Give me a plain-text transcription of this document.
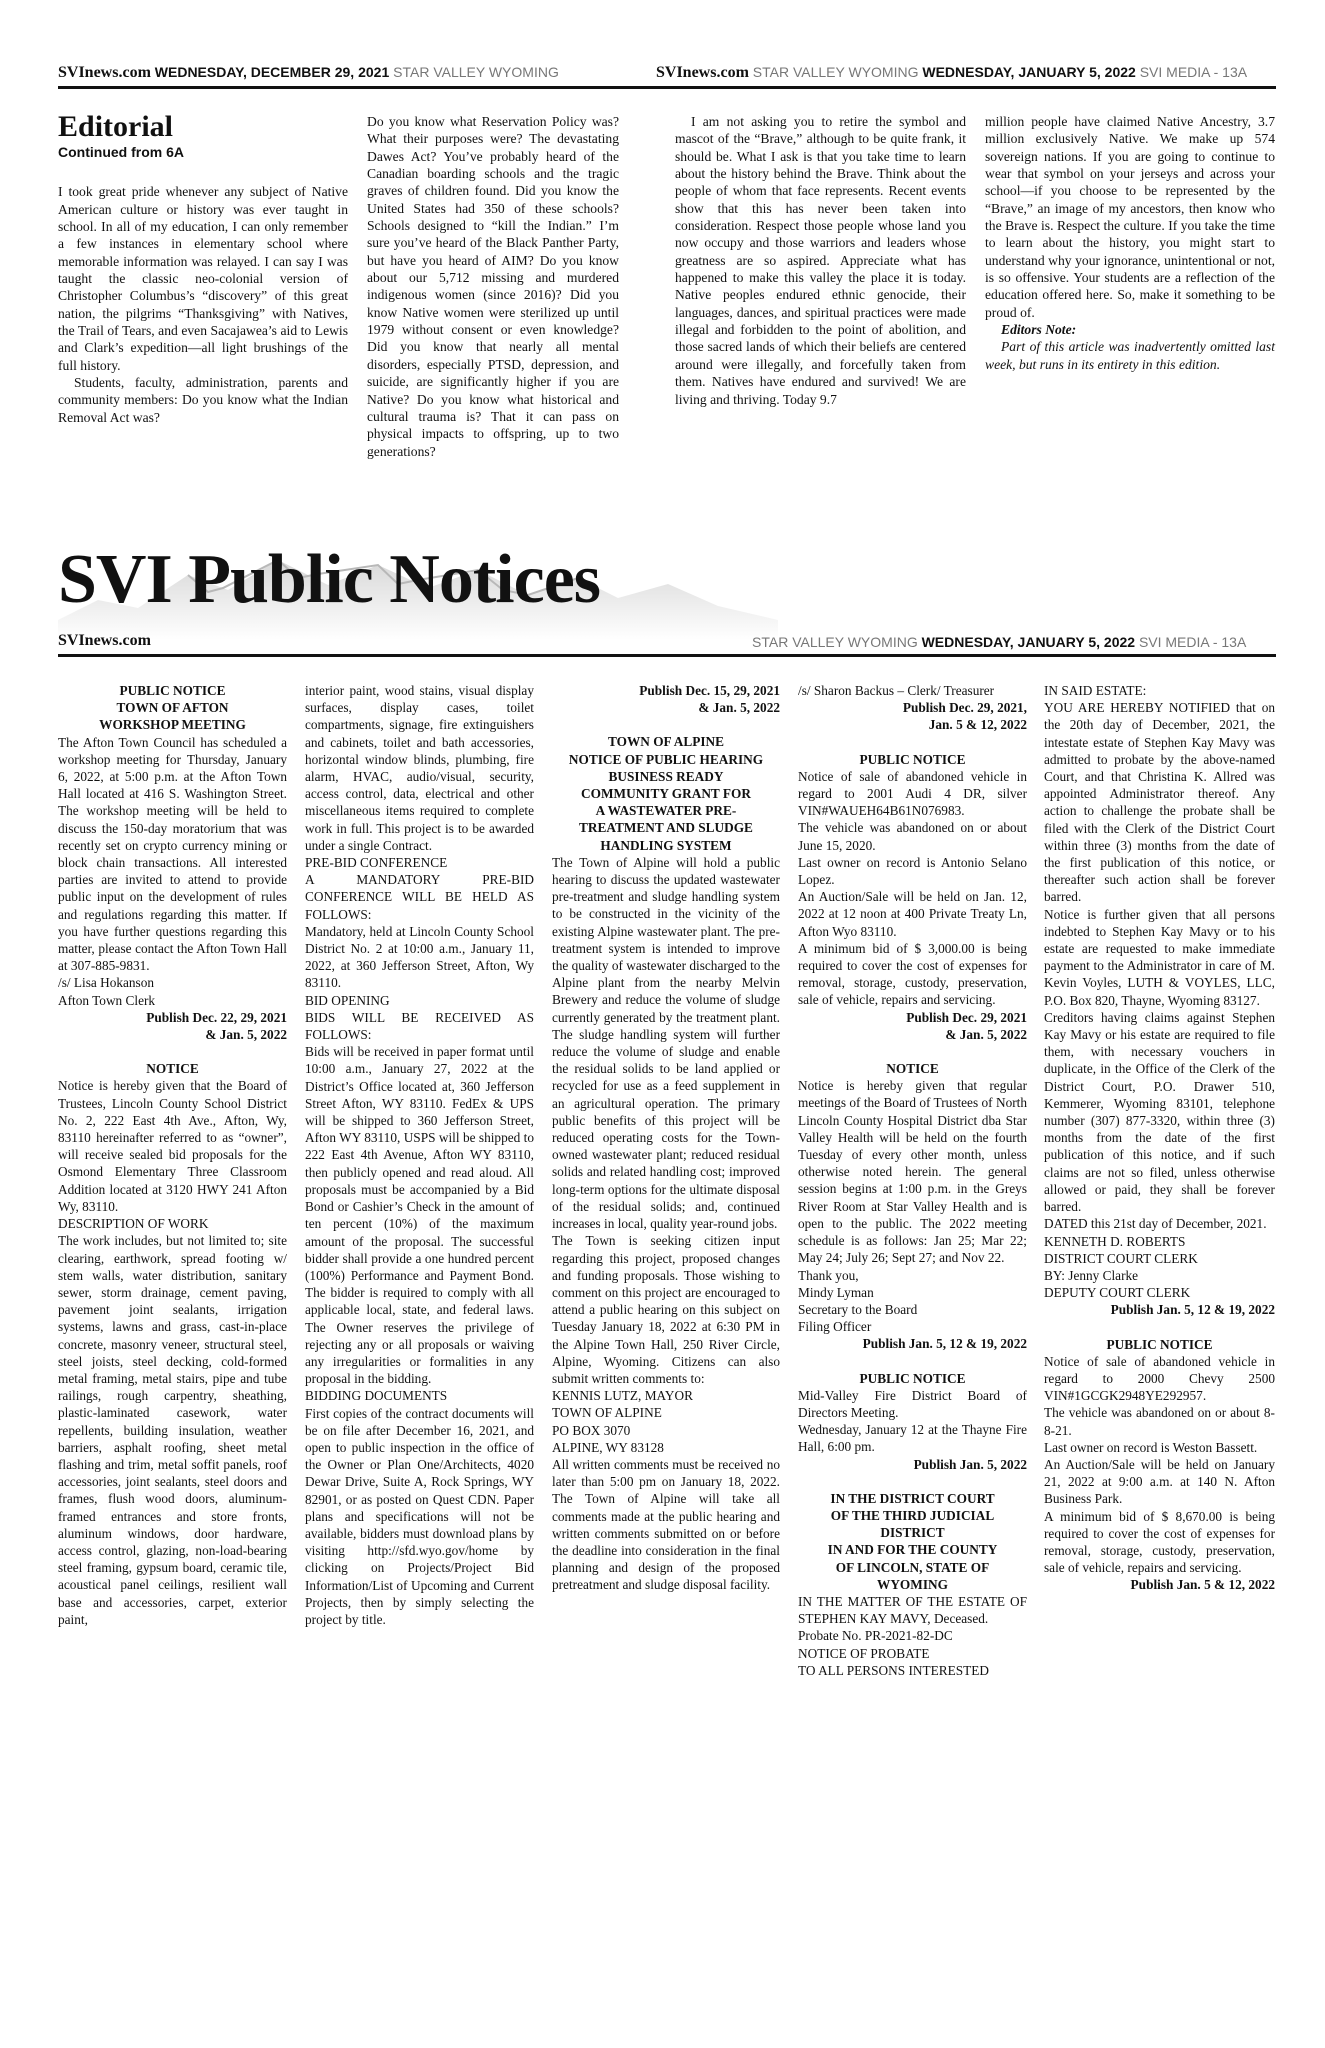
SVInews.com WEDNESDAY, DECEMBER 29, 2021 STAR VALLEY WYOMING	SVInews.com STAR VALLEY WYOMING WEDNESDAY, JANUARY 5, 2022 SVI MEDIA - 13A
Editorial
Continued from 6A

I took great pride whenever any subject of Native American culture or history was ever taught in school. In all of my education, I can only remember a few instances in elementary school where memorable information was relayed. I can say I was taught the classic neo-colonial version of Christopher Columbus’s “discovery” of this great nation, the pilgrims “Thanksgiving” with Natives, the Trail of Tears, and even Sacajawea’s aid to Lewis and Clark’s expedition—all light brushings of the full history.

Students, faculty, administration, parents and community members: Do you know what the Indian Removal Act was?

Do you know what Reservation Policy was? What their purposes were? The devastating Dawes Act? You’ve probably heard of the Canadian boarding schools and the tragic graves of children found. Did you know the United States had 350 of these schools? Schools designed to “kill the Indian.” I’m sure you’ve heard of the Black Panther Party, but have you heard of AIM? Do you know about our 5,712 missing and murdered indigenous women (since 2016)? Did you know Native women were sterilized up until 1979 without consent or even knowledge? Did you know that nearly all mental disorders, especially PTSD, depression, and suicide, are significantly higher if you are Native? Do you know what historical and cultural trauma is? That it can pass on physical impacts to offspring, up to two generations?

I am not asking you to retire the symbol and mascot of the “Brave,” although to be quite frank, it should be. What I ask is that you take time to learn about the history behind the Brave. Think about the people of whom that face represents. Recent events show that this has never been taken into consideration. Respect those people whose land you now occupy and those warriors and leaders whose greatness are so aspired. Appreciate what has happened to make this valley the place it is today. Native peoples endured ethnic genocide, their languages, dances, and spiritual practices were made illegal and forbidden to the point of abolition, and those sacred lands of which their beliefs are centered around were illegally, and forcefully taken from them. Natives have endured and survived! We are living and thriving. Today 9.7

million people have claimed Native Ancestry, 3.7 million exclusively Native. We make up 574 sovereign nations. If you are going to continue to wear that symbol on your jerseys and across your school—if you choose to be represented by the “Brave,” an image of my ancestors, then know who the Brave is. Respect the culture. If you take the time to learn about the history, you might start to understand why your ignorance, unintentional or not, is so offensive. Your students are a reflection of the education offered here. So, make it something to be proud of.

Editors Note:

Part of this article was inadvertently omitted last week, but runs in its entirety in this edition.

SVI Public Notices
SVInews.com	STAR VALLEY WYOMING WEDNESDAY, JANUARY 5, 2022 SVI MEDIA - 13A

PUBLIC NOTICE

TOWN OF AFTON

WORKSHOP MEETING

The Afton Town Council has scheduled a workshop meeting for Thursday, January 6, 2022, at 5:00 p.m. at the Afton Town Hall located at 416 S. Washington Street. The workshop meeting will be held to discuss the 150-day moratorium that was recently set on crypto currency mining or block chain transactions. All interested parties are invited to attend to provide public input on the development of rules and regulations regarding this matter. If you have further questions regarding this matter, please contact the Afton Town Hall at 307-885-9831.

/s/ Lisa Hokanson

Afton Town Clerk

Publish Dec. 22, 29, 2021

& Jan. 5, 2022

NOTICE

Notice is hereby given that the Board of Trustees, Lincoln County School District No. 2, 222 East 4th Ave., Afton, Wy, 83110 hereinafter referred to as “owner”, will receive sealed bid proposals for the Osmond Elementary Three Classroom Addition located at 3120 HWY 241 Afton Wy, 83110.

DESCRIPTION OF WORK

The work includes, but not limited to; site clearing, earthwork, spread footing w/ stem walls, water distribution, sanitary sewer, storm drainage, cement paving, pavement joint sealants, irrigation systems, lawns and grass, cast-in-place concrete, masonry veneer, structural steel, steel joists, steel decking, cold-formed metal framing, metal stairs, pipe and tube railings, rough carpentry, sheathing, plastic-laminated casework, water repellents, building insulation, weather barriers, asphalt roofing, sheet metal flashing and trim, metal soffit panels, roof accessories, joint sealants, steel doors and frames, flush wood doors, aluminum-framed entrances and store fronts, aluminum windows, door hardware, access control, glazing, non-load-bearing steel framing, gypsum board, ceramic tile, acoustical panel ceilings, resilient wall base and accessories, carpet, exterior paint,

interior paint, wood stains, visual display surfaces, display cases, toilet compartments, signage, fire extinguishers and cabinets, toilet and bath accessories, horizontal window blinds, plumbing, fire alarm, HVAC, audio/visual, security, access control, data, electrical and other miscellaneous items required to complete work in full. This project is to be awarded under a single Contract.

PRE-BID CONFERENCE

A MANDATORY PRE-BID CONFERENCE WILL BE HELD AS FOLLOWS:

Mandatory, held at Lincoln County School District No. 2 at 10:00 a.m., January 11, 2022, at 360 Jefferson Street, Afton, Wy 83110.

BID OPENING

BIDS WILL BE RECEIVED AS FOLLOWS:

Bids will be received in paper format until 10:00 a.m., January 27, 2022 at the District’s Office located at, 360 Jefferson Street Afton, WY 83110. FedEx & UPS will be shipped to 360 Jefferson Street, Afton WY 83110, USPS will be shipped to 222 East 4th Avenue, Afton WY 83110, then publicly opened and read aloud. All proposals must be accompanied by a Bid Bond or Cashier’s Check in the amount of ten percent (10%) of the maximum amount of the proposal. The successful bidder shall provide a one hundred percent (100%) Performance and Payment Bond. The bidder is required to comply with all applicable local, state, and federal laws. The Owner reserves the privilege of rejecting any or all proposals or waiving any irregularities or formalities in any proposal in the bidding.

BIDDING DOCUMENTS

First copies of the contract documents will be on file after December 16, 2021, and open to public inspection in the office of the Owner or Plan One/Architects, 4020 Dewar Drive, Suite A, Rock Springs, WY 82901, or as posted on Quest CDN. Paper plans and specifications will not be available, bidders must download plans by visiting http://sfd.wyo.gov/home by clicking on Projects/Project Bid Information/List of Upcoming and Current Projects, then by simply selecting the project by title.

Publish Dec. 15, 29, 2021

& Jan. 5, 2022

TOWN OF ALPINE

NOTICE OF PUBLIC HEARING

BUSINESS READY

COMMUNITY GRANT FOR

A WASTEWATER PRE-

TREATMENT AND SLUDGE

HANDLING SYSTEM

The Town of Alpine will hold a public hearing to discuss the updated wastewater pre-treatment and sludge handling system to be constructed in the vicinity of the existing Alpine wastewater plant. The pre-treatment system is intended to improve the quality of wastewater discharged to the Alpine plant from the nearby Melvin Brewery and reduce the volume of sludge currently generated by the treatment plant. The sludge handling system will further reduce the volume of sludge and enable the residual solids to be land applied or recycled for use as a feed supplement in an agricultural operation. The primary public benefits of this project will be reduced operating costs for the Town-owned wastewater plant; reduced residual solids and related handling cost; improved long-term options for the ultimate disposal of the residual solids; and, continued increases in local, quality year-round jobs.

The Town is seeking citizen input regarding this project, proposed changes and funding proposals. Those wishing to comment on this project are encouraged to attend a public hearing on this subject on Tuesday January 18, 2022 at 6:30 PM in the Alpine Town Hall, 250 River Circle, Alpine, Wyoming. Citizens can also submit written comments to:

KENNIS LUTZ, MAYOR

TOWN OF ALPINE

PO BOX 3070

ALPINE, WY 83128

All written comments must be received no later than 5:00 pm on January 18, 2022. The Town of Alpine will take all comments made at the public hearing and written comments submitted on or before the deadline into consideration in the final planning and design of the proposed pretreatment and sludge disposal facility.

/s/ Sharon Backus – Clerk/ Treasurer

Publish Dec. 29, 2021,

Jan. 5 & 12, 2022

PUBLIC NOTICE

Notice of sale of abandoned vehicle in regard to 2001 Audi 4 DR, silver VIN#WAUEH64B61N076983.

The vehicle was abandoned on or about June 15, 2020.

Last owner on record is Antonio Selano Lopez.

An Auction/Sale will be held on Jan. 12, 2022 at 12 noon at 400 Private Treaty Ln, Afton Wyo 83110.

A minimum bid of $ 3,000.00 is being required to cover the cost of expenses for removal, storage, custody, preservation, sale of vehicle, repairs and servicing.

Publish Dec. 29, 2021

& Jan. 5, 2022

NOTICE

Notice is hereby given that regular meetings of the Board of Trustees of North Lincoln County Hospital District dba Star Valley Health will be held on the fourth Tuesday of every other month, unless otherwise noted herein. The general session begins at 1:00 p.m. in the Greys River Room at Star Valley Health and is open to the public. The 2022 meeting schedule is as follows: Jan 25; Mar 22; May 24; July 26; Sept 27; and Nov 22.

Thank you,

Mindy Lyman

Secretary to the Board

Filing Officer

Publish Jan. 5, 12 & 19, 2022

PUBLIC NOTICE

Mid-Valley Fire District Board of Directors Meeting.

Wednesday, January 12 at the Thayne Fire Hall, 6:00 pm.

Publish Jan. 5, 2022

IN THE DISTRICT COURT

OF THE THIRD JUDICIAL

DISTRICT

IN AND FOR THE COUNTY

OF LINCOLN, STATE OF

WYOMING

IN THE MATTER OF THE ESTATE OF STEPHEN KAY MAVY, Deceased.

Probate No. PR-2021-82-DC

NOTICE OF PROBATE

TO ALL PERSONS INTERESTED

IN SAID ESTATE:

YOU ARE HEREBY NOTIFIED that on the 20th day of December, 2021, the intestate estate of Stephen Kay Mavy was admitted to probate by the above-named Court, and that Christina K. Allred was appointed Administrator thereof. Any action to challenge the probate shall be filed with the Clerk of the District Court within three (3) months from the date of the first publication of this notice, or thereafter such action shall be forever barred.

Notice is further given that all persons indebted to Stephen Kay Mavy or to his estate are requested to make immediate payment to the Administrator in care of M. Kevin Voyles, LUTH & VOYLES, LLC, P.O. Box 820, Thayne, Wyoming 83127.

Creditors having claims against Stephen Kay Mavy or his estate are required to file them, with necessary vouchers in duplicate, in the Office of the Clerk of the District Court, P.O. Drawer 510, Kemmerer, Wyoming 83101, telephone number (307) 877-3320, within three (3) months from the date of the first publication of this notice, and if such claims are not so filed, unless otherwise allowed or paid, they shall be forever barred.

DATED this 21st day of December, 2021.

KENNETH D. ROBERTS

DISTRICT COURT CLERK

BY: Jenny Clarke

DEPUTY COURT CLERK

Publish Jan. 5, 12 & 19, 2022

PUBLIC NOTICE

Notice of sale of abandoned vehicle in regard to 2000 Chevy 2500 VIN#1GCGK2948YE292957.

The vehicle was abandoned on or about 8-8-21.

Last owner on record is Weston Bassett.

An Auction/Sale will be held on January 21, 2022 at 9:00 a.m. at 140 N. Afton Business Park.

A minimum bid of $ 8,670.00 is being required to cover the cost of expenses for removal, storage, custody, preservation, sale of vehicle, repairs and servicing.

Publish Jan. 5 & 12, 2022
